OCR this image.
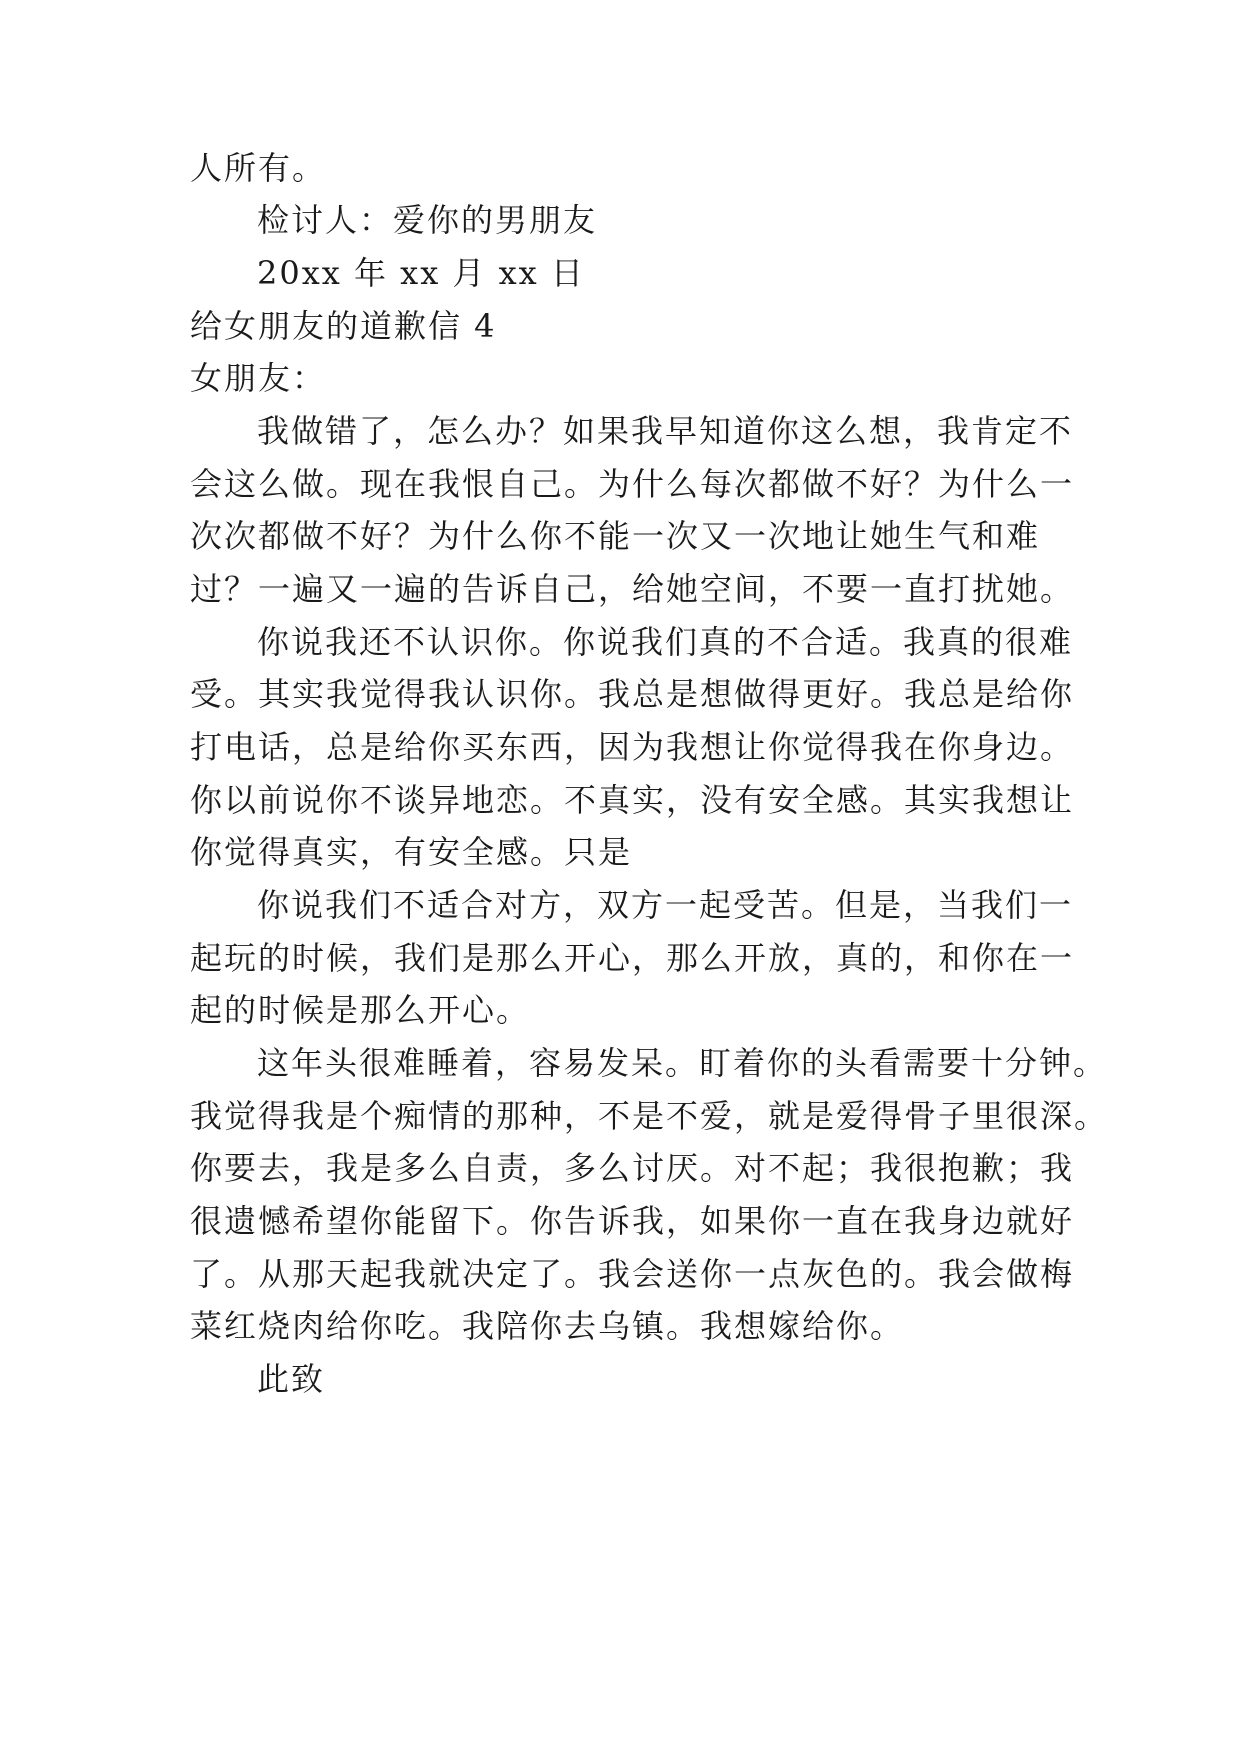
人所有。
检讨人：爱你的男朋友
20xx 年 xx 月 xx 日
给女朋友的道歉信 4
女朋友：
我做错了，怎么办？如果我早知道你这么想，我肯定不
会这么做。现在我恨自己。为什么每次都做不好？为什么一
次次都做不好？为什么你不能一次又一次地让她生气和难
过？一遍又一遍的告诉自己，给她空间，不要一直打扰她。
你说我还不认识你。你说我们真的不合适。我真的很难
受。其实我觉得我认识你。我总是想做得更好。我总是给你
打电话，总是给你买东西，因为我想让你觉得我在你身边。
你以前说你不谈异地恋。不真实，没有安全感。其实我想让
你觉得真实，有安全感。只是
你说我们不适合对方，双方一起受苦。但是，当我们一
起玩的时候，我们是那么开心，那么开放，真的，和你在一
起的时候是那么开心。
这年头很难睡着，容易发呆。盯着你的头看需要十分钟。
我觉得我是个痴情的那种，不是不爱，就是爱得骨子里很深。
你要去，我是多么自责，多么讨厌。对不起；我很抱歉；我
很遗憾希望你能留下。你告诉我，如果你一直在我身边就好
了。从那天起我就决定了。我会送你一点灰色的。我会做梅
菜红烧肉给你吃。我陪你去乌镇。我想嫁给你。
此致
